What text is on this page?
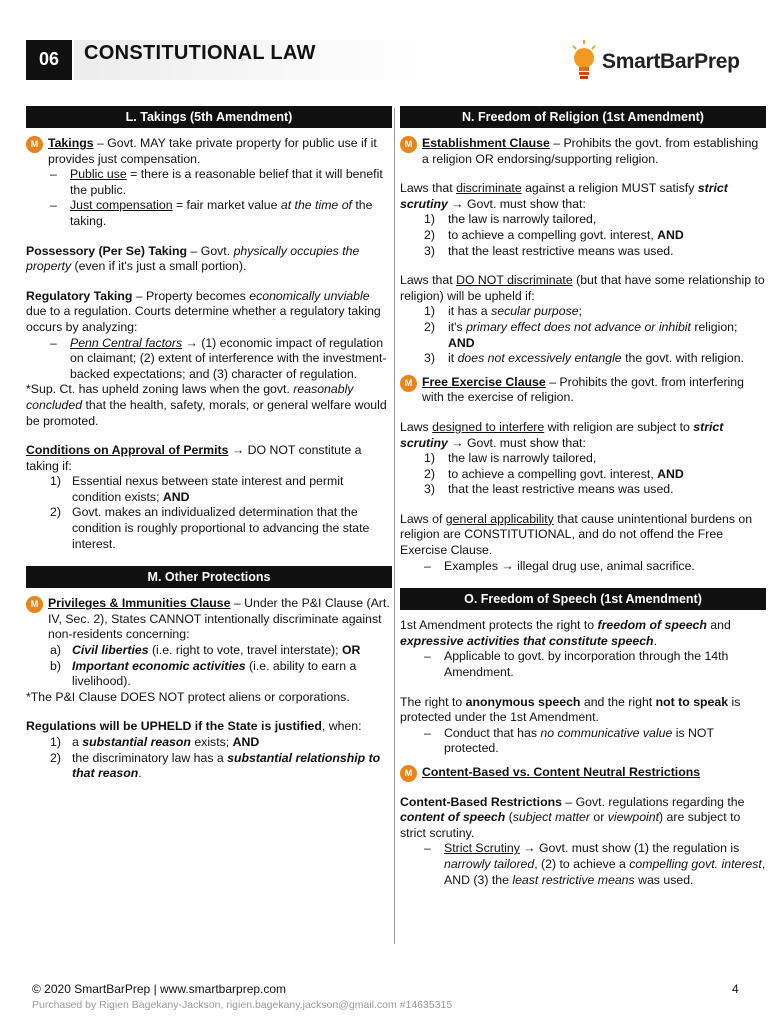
06	CONSTITUTIONAL LAW	SmartBarPrep
L. Takings (5th Amendment)
M Takings – Govt. MAY take private property for public use if it provides just compensation.

– Public use = there is a reasonable belief that it will benefit the public.
– Just compensation = fair market value at the time of the taking.

Possessory (Per Se) Taking – Govt. physically occupies the property (even if it's just a small portion).

Regulatory Taking – Property becomes economically unviable due to a regulation. Courts determine whether a regulatory taking occurs by analyzing:

– Penn Central factors → (1) economic impact of regulation on claimant; (2) extent of interference with the investment-backed expectations; and (3) character of regulation.

*Sup. Ct. has upheld zoning laws when the govt. reasonably concluded that the health, safety, morals, or general welfare would be promoted.

Conditions on Approval of Permits → DO NOT constitute a taking if:

1) Essential nexus between state interest and permit condition exists; AND
2) Govt. makes an individualized determination that the condition is roughly proportional to advancing the state interest.
M. Other Protections
M Privileges & Immunities Clause – Under the P&I Clause (Art. IV, Sec. 2), States CANNOT intentionally discriminate against non-residents concerning:

a) Civil liberties (i.e. right to vote, travel interstate); OR
b) Important economic activities (i.e. ability to earn a livelihood).

*The P&I Clause DOES NOT protect aliens or corporations.

Regulations will be UPHELD if the State is justified, when:

1) a substantial reason exists; AND
2) the discriminatory law has a substantial relationship to that reason.
N. Freedom of Religion (1st Amendment)
M Establishment Clause – Prohibits the govt. from establishing a religion OR endorsing/supporting religion.

Laws that discriminate against a religion MUST satisfy strict scrutiny → Govt. must show that:

1) the law is narrowly tailored,
2) to achieve a compelling govt. interest, AND
3) that the least restrictive means was used.

Laws that DO NOT discriminate (but that have some relationship to religion) will be upheld if:

1) it has a secular purpose;
2) it's primary effect does not advance or inhibit religion; AND
3) it does not excessively entangle the govt. with religion.
M Free Exercise Clause – Prohibits the govt. from interfering with the exercise of religion.

Laws designed to interfere with religion are subject to strict scrutiny → Govt. must show that:

1) the law is narrowly tailored,
2) to achieve a compelling govt. interest, AND
3) that the least restrictive means was used.

Laws of general applicability that cause unintentional burdens on religion are CONSTITUTIONAL, and do not offend the Free Exercise Clause.

– Examples → illegal drug use, animal sacrifice.
O. Freedom of Speech (1st Amendment)

1st Amendment protects the right to freedom of speech and expressive activities that constitute speech.

– Applicable to govt. by incorporation through the 14th Amendment.

The right to anonymous speech and the right not to speak is protected under the 1st Amendment.

– Conduct that has no communicative value is NOT protected.
M Content-Based vs. Content Neutral Restrictions

Content-Based Restrictions – Govt. regulations regarding the content of speech (subject matter or viewpoint) are subject to strict scrutiny.

– Strict Scrutiny → Govt. must show (1) the regulation is narrowly tailored, (2) to achieve a compelling govt. interest, AND (3) the least restrictive means was used.
© 2020 SmartBarPrep | www.smartbarprep.com	4
Purchased by Rigien Bagekany-Jackson, rigien.bagekany.jackson@gmail.com #14635315
